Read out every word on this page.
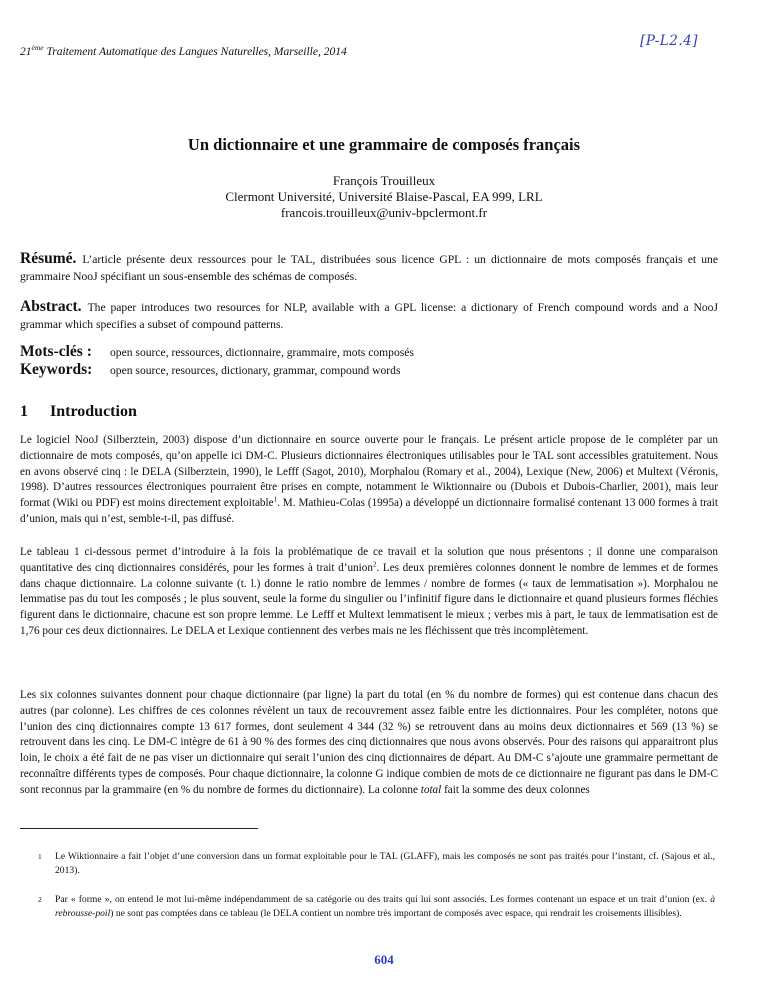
21ème Traitement Automatique des Langues Naturelles, Marseille, 2014
[P-L2.4]
Un dictionnaire et une grammaire de composés français
François Trouilleux
Clermont Université, Université Blaise-Pascal, EA 999, LRL
francois.trouilleux@univ-bpclermont.fr
Résumé. L’article présente deux ressources pour le TAL, distribuées sous licence GPL : un dictionnaire de mots composés français et une grammaire NooJ spécifiant un sous-ensemble des schémas de composés.
Abstract. The paper introduces two resources for NLP, available with a GPL license: a dictionary of French compound words and a NooJ grammar which specifies a subset of compound patterns.
Mots-clés : open source, ressources, dictionnaire, grammaire, mots composés
Keywords: open source, resources, dictionary, grammar, compound words
1 Introduction

Le logiciel NooJ (Silberztein, 2003) dispose d’un dictionnaire en source ouverte pour le français. Le présent article propose de le compléter par un dictionnaire de mots composés, qu’on appelle ici DM-C. Plusieurs dictionnaires électroniques utilisables pour le TAL sont accessibles gratuitement. Nous en avons observé cinq : le DELA (Silberztein, 1990), le Lefff (Sagot, 2010), Morphalou (Romary et al., 2004), Lexique (New, 2006) et Multext (Véronis, 1998). D’autres ressources électroniques pourraient être prises en compte, notamment le Wiktionnaire ou (Dubois et Dubois-Charlier, 2001), mais leur format (Wiki ou PDF) est moins directement exploitable$^1$. M. Mathieu-Colas (1995a) a développé un dictionnaire formalisé contenant 13 000 formes à trait d’union, mais qui n’est, semble-t-il, pas diffusé.

Le tableau 1 ci-dessous permet d’introduire à la fois la problématique de ce travail et la solution que nous présentons ; il donne une comparaison quantitative des cinq dictionnaires considérés, pour les formes à trait d’union$^2$. Les deux premières colonnes donnent le nombre de lemmes et de formes dans chaque dictionnaire. La colonne suivante (t. l.) donne le ratio nombre de lemmes / nombre de formes (« taux de lemmatisation »). Morphalou ne lemmatise pas du tout les composés ; le plus souvent, seule la forme du singulier ou l’infinitif figure dans le dictionnaire et quand plusieurs formes fléchies figurent dans le dictionnaire, chacune est son propre lemme. Le Lefff et Multext lemmatisent le mieux ; verbes mis à part, le taux de lemmatisation est de 1,76 pour ces deux dictionnaires. Le DELA et Lexique contiennent des verbes mais ne les fléchissent que très incomplètement.

Les six colonnes suivantes donnent pour chaque dictionnaire (par ligne) la part du total (en % du nombre de formes) qui est contenue dans chacun des autres (par colonne). Les chiffres de ces colonnes révèlent un taux de recouvrement assez faible entre les dictionnaires. Pour les compléter, notons que l’union des cinq dictionnaires compte 13 617 formes, dont seulement 4 344 (32 %) se retrouvent dans au moins deux dictionnaires et 569 (13 %) se retrouvent dans les cinq. Le DM-C intègre de 61 à 90 % des formes des cinq dictionnaires que nous avons observés. Pour des raisons qui apparaitront plus loin, le choix a été fait de ne pas viser un dictionnaire qui serait l’union des cinq dictionnaires de départ. Au DM-C s’ajoute une grammaire permettant de reconnaître différents types de composés. Pour chaque dictionnaire, la colonne G indique combien de mots de ce dictionnaire ne figurant pas dans le DM-C sont reconnus par la grammaire (en % du nombre de formes du dictionnaire). La colonne total fait la somme des deux colonnes

1 Le Wiktionnaire a fait l’objet d’une conversion dans un format exploitable pour le TAL (GLAFF), mais les composés ne sont pas traités pour l’instant, cf. (Sajous et al., 2013).
2 Par « forme », on entend le mot lui-même indépendamment de sa catégorie ou des traits qui lui sont associés. Les formes contenant un espace et un trait d’union (ex. à rebrousse-poil) ne sont pas comptées dans ce tableau (le DELA contient un nombre très important de composés avec espace, qui rendrait les croisements illisibles).
604
